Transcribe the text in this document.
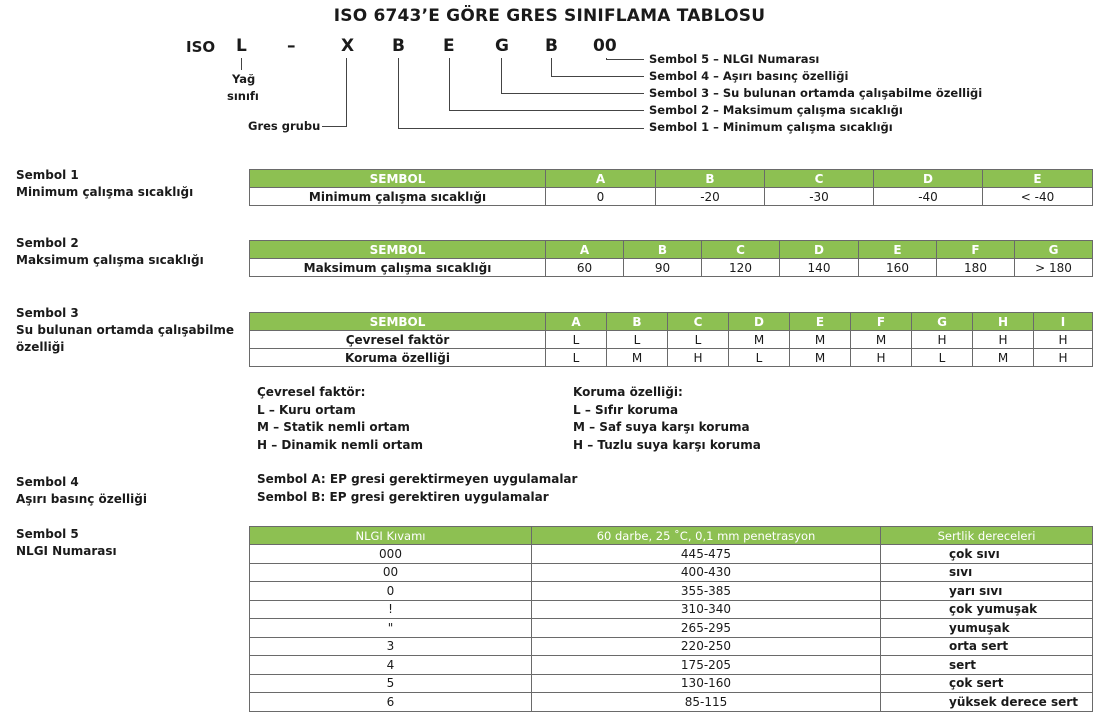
ISO 6743’E GÖRE GRES SINIFLAMA TABLOSU
ISO L –	X B E G B 00
Yağ
sınıfı
Gres grubu
Sembol 5 – NLGI Numarası
Sembol 4 – Aşırı basınç özelliği
Sembol 3 – Su bulunan ortamda çalışabilme özelliği
Sembol 2 – Maksimum çalışma sıcaklığı
Sembol 1 – Minimum çalışma sıcaklığı
Sembol 1
Minimum çalışma sıcaklığı
SEMBOL	A	B	C	D	E
Minimum çalışma sıcaklığı	0	-20	-30	-40	< -40
Sembol 2
Maksimum çalışma sıcaklığı
SEMBOL	A	B	C	D	E	F	G
Maksimum çalışma sıcaklığı	60	90	120	140	160	180	> 180
Sembol 3
Su bulunan ortamda çalışabilme
özelliği
SEMBOL	A	B	C	D	E	F	G	H	I
Çevresel faktör	L	L	L	M	M	M	H	H	H
Koruma özelliği	L	M	H	L	M	H	L	M	H
Çevresel faktör:
L – Kuru ortam
M – Statik nemli ortam
H – Dinamik nemli ortam
Koruma özelliği:
L – Sıfır koruma
M – Saf suya karşı koruma
H – Tuzlu suya karşı koruma
Sembol 4
Aşırı basınç özelliği
Sembol A: EP gresi gerektirmeyen uygulamalar
Sembol B: EP gresi gerektiren uygulamalar
Sembol 5
NLGI Numarası
NLGI Kıvamı	60 darbe, 25 ˚C, 0,1 mm penetrasyon	Sertlik dereceleri
000	445-475	çok sıvı
00	400-430	sıvı
0	355-385	yarı sıvı
!	310-340	çok yumuşak
"	265-295	yumuşak
3	220-250	orta sert
4	175-205	sert
5	130-160	çok sert
6	85-115	yüksek derece sert
